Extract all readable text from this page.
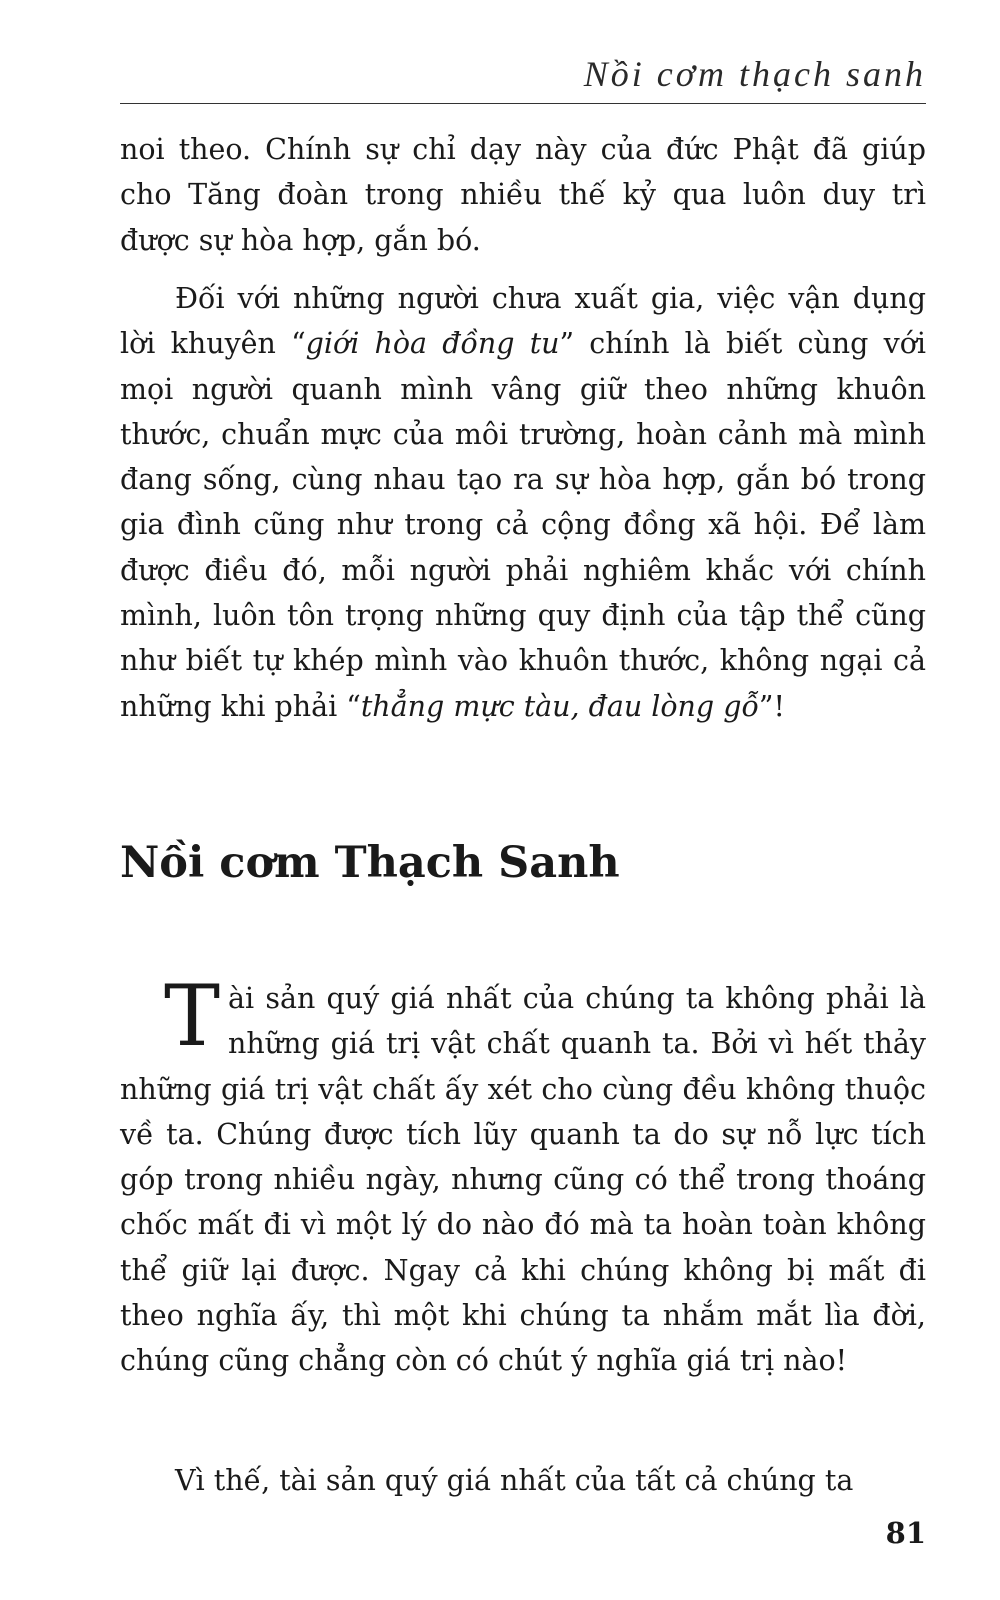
Nồi cơm thạch sanh

noi theo. Chính sự chỉ dạy này của đức Phật đã giúp cho Tăng đoàn trong nhiều thế kỷ qua luôn duy trì được sự hòa hợp, gắn bó.

Đối với những người chưa xuất gia, việc vận dụng lời khuyên “giới hòa đồng tu” chính là biết cùng với mọi người quanh mình vâng giữ theo những khuôn thước, chuẩn mực của môi trường, hoàn cảnh mà mình đang sống, cùng nhau tạo ra sự hòa hợp, gắn bó trong gia đình cũng như trong cả cộng đồng xã hội. Để làm được điều đó, mỗi người phải nghiêm khắc với chính mình, luôn tôn trọng những quy định của tập thể cũng như biết tự khép mình vào khuôn thước, không ngại cả những khi phải “thẳng mực tàu, đau lòng gỗ”!

Nồi cơm Thạch Sanh

Tài sản quý giá nhất của chúng ta không phải là những giá trị vật chất quanh ta. Bởi vì hết thảy những giá trị vật chất ấy xét cho cùng đều không thuộc về ta. Chúng được tích lũy quanh ta do sự nỗ lực tích góp trong nhiều ngày, nhưng cũng có thể trong thoáng chốc mất đi vì một lý do nào đó mà ta hoàn toàn không thể giữ lại được. Ngay cả khi chúng không bị mất đi theo nghĩa ấy, thì một khi chúng ta nhắm mắt lìa đời, chúng cũng chẳng còn có chút ý nghĩa giá trị nào!

Vì thế, tài sản quý giá nhất của tất cả chúng ta

81
